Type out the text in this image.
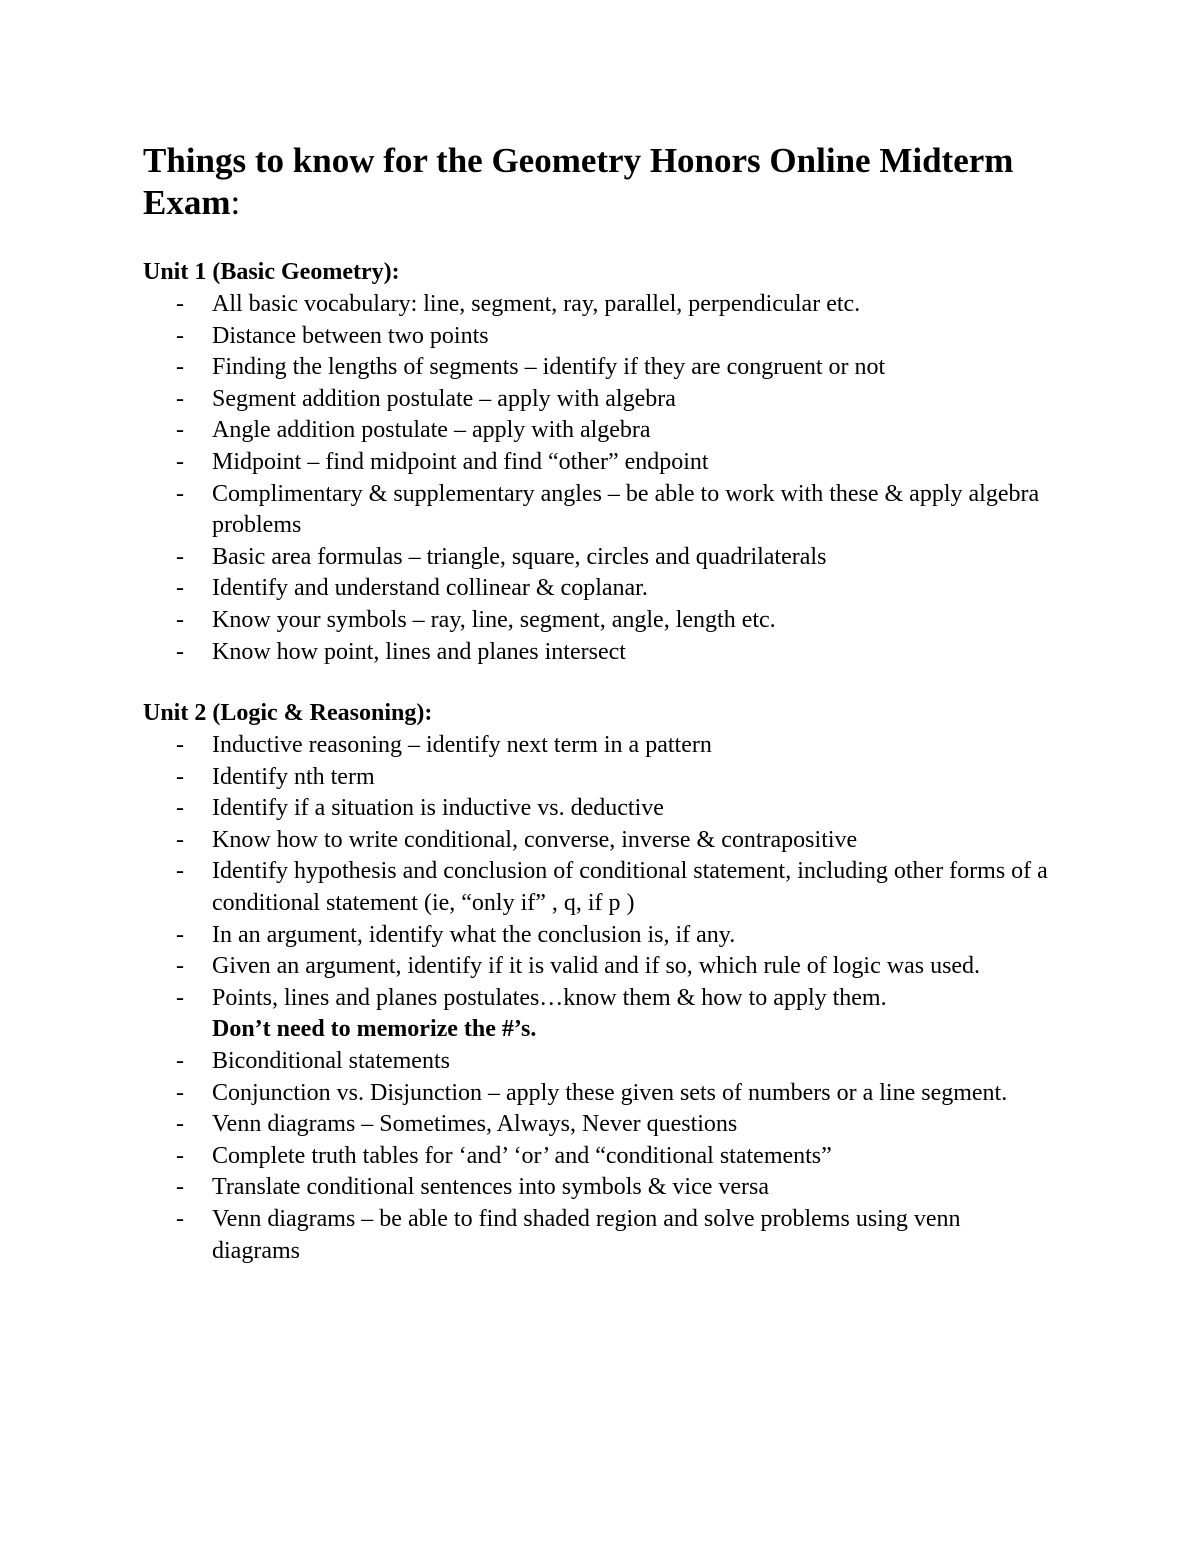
Things to know for the Geometry Honors Online Midterm Exam:
Unit 1 (Basic Geometry):
- All basic vocabulary: line, segment, ray, parallel, perpendicular etc.
- Distance between two points
- Finding the lengths of segments – identify if they are congruent or not
- Segment addition postulate – apply with algebra
- Angle addition postulate – apply with algebra
- Midpoint – find midpoint and find “other” endpoint
- Complimentary & supplementary angles – be able to work with these & apply algebra problems
- Basic area formulas – triangle, square, circles and quadrilaterals
- Identify and understand collinear & coplanar.
- Know your symbols – ray, line, segment, angle, length etc.
- Know how point, lines and planes intersect
Unit 2 (Logic & Reasoning):
- Inductive reasoning – identify next term in a pattern
- Identify nth term
- Identify if a situation is inductive vs. deductive
- Know how to write conditional, converse, inverse & contrapositive
- Identify hypothesis and conclusion of conditional statement, including other forms of a conditional statement (ie, “only if” , q, if p )
- In an argument, identify what the conclusion is, if any.
- Given an argument, identify if it is valid and if so, which rule of logic was used.
- Points, lines and planes postulates…know them & how to apply them.
Don’t need to memorize the #’s.
- Biconditional statements
- Conjunction vs. Disjunction – apply these given sets of numbers or a line segment.
- Venn diagrams – Sometimes, Always, Never questions
- Complete truth tables for ‘and’ ‘or’ and “conditional statements”
- Translate conditional sentences into symbols & vice versa
- Venn diagrams – be able to find shaded region and solve problems using venn diagrams
